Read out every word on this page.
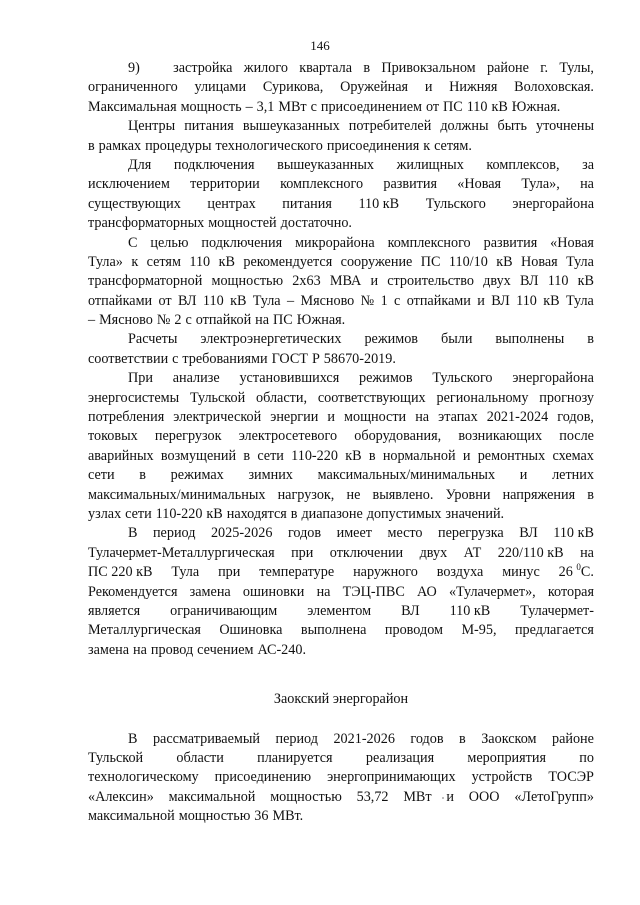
146
9) застройка жилого квартала в Привокзальном районе г. Тулы,
ограниченного улицами Сурикова, Оружейная и Нижняя Волоховская.
Максимальная мощность – 3,1 МВт с присоединением от ПС 110 кВ Южная.
Центры питания вышеуказанных потребителей должны быть уточнены
в рамках процедуры технологического присоединения к сетям.
Для подключения вышеуказанных жилищных комплексов, за
исключением территории комплексного развития «Новая Тула», на
существующих центрах питания 110 кВ Тульского энергорайона
трансформаторных мощностей достаточно.
С целью подключения микрорайона комплексного развития «Новая
Тула» к сетям 110 кВ рекомендуется сооружение ПС 110/10 кВ Новая Тула
трансформаторной мощностью 2х63 МВА и строительство двух ВЛ 110 кВ
отпайками от ВЛ 110 кВ Тула – Мясново № 1 с отпайками и ВЛ 110 кВ Тула
– Мясново № 2 с отпайкой на ПС Южная.
Расчеты электроэнергетических режимов были выполнены в
соответствии с требованиями ГОСТ Р 58670-2019.
При анализе установившихся режимов Тульского энергорайона
энергосистемы Тульской области, соответствующих региональному прогнозу
потребления электрической энергии и мощности на этапах 2021-2024 годов,
токовых перегрузок электросетевого оборудования, возникающих после
аварийных возмущений в сети 110-220 кВ в нормальной и ремонтных схемах
сети в режимах зимних максимальных/минимальных и летних
максимальных/минимальных нагрузок, не выявлено. Уровни напряжения в
узлах сети 110-220 кВ находятся в диапазоне допустимых значений.
В период 2025-2026 годов имеет место перегрузка ВЛ 110 кВ
Тулачермет-Металлургическая при отключении двух АТ 220/110 кВ на
ПС 220 кВ Тула при температуре наружного воздуха минус 26 $^0$С.
Рекомендуется замена ошиновки на ТЭЦ-ПВС АО «Тулачермет», которая
является ограничивающим элементом ВЛ 110 кВ Тулачермет-
Металлургическая Ошиновка выполнена проводом М-95, предлагается
замена на провод сечением АС-240.
Заокский энергорайон
В рассматриваемый период 2021-2026 годов в Заокском районе
Тульской области планируется реализация мероприятия по
технологическому присоединению энергопринимающих устройств ТОСЭР
«Алексин» максимальной мощностью 53,72 МВт и ООО «ЛетоГрупп»
максимальной мощностью 36 МВт.
